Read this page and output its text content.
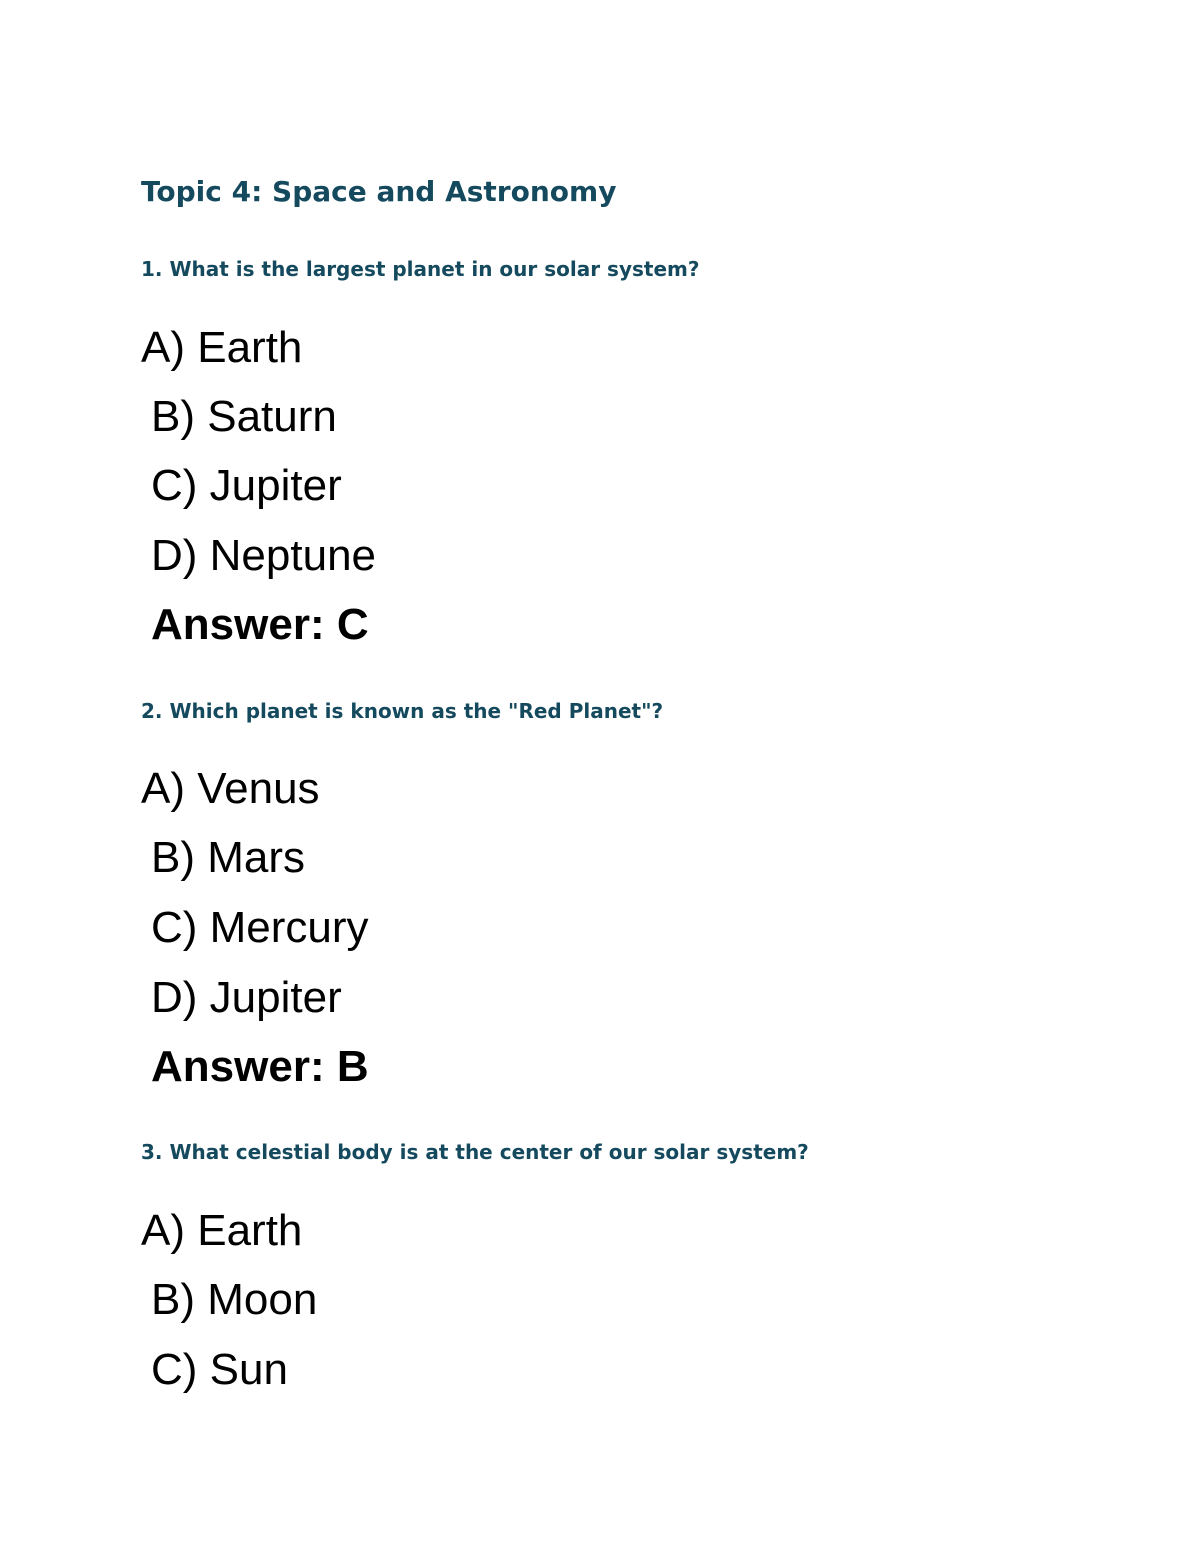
Topic 4: Space and Astronomy

1. What is the largest planet in our solar system?

A) Earth

B) Saturn

C) Jupiter

D) Neptune

Answer: C

2. Which planet is known as the "Red Planet"?

A) Venus

B) Mars

C) Mercury

D) Jupiter

Answer: B

3. What celestial body is at the center of our solar system?

A) Earth

B) Moon

C) Sun
